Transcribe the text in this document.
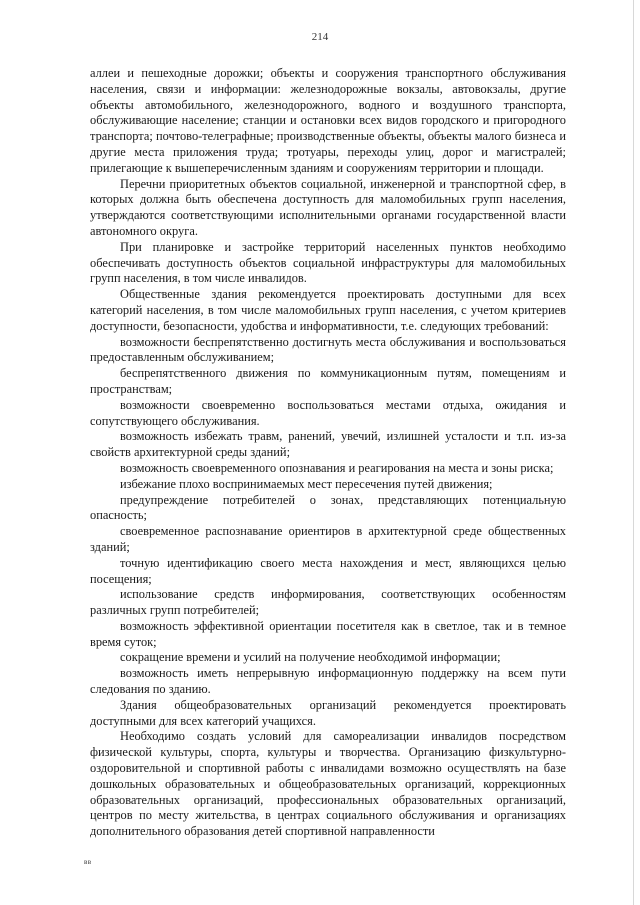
214

аллеи и пешеходные дорожки; объекты и сооружения транспортного обслуживания населения, связи и информации: железнодорожные вокзалы, автовокзалы, другие объекты автомобильного, железнодорожного, водного и воздушного транспорта, обслуживающие население; станции и остановки всех видов городского и пригородного транспорта; почтово-телеграфные; производственные объекты, объекты малого бизнеса и другие места приложения труда; тротуары, переходы улиц, дорог и магистралей; прилегающие к вышеперечисленным зданиям и сооружениям территории и площади.

Перечни приоритетных объектов социальной, инженерной и транспортной сфер, в которых должна быть обеспечена доступность для маломобильных групп населения, утверждаются соответствующими исполнительными органами государственной власти автономного округа.

При планировке и застройке территорий населенных пунктов необходимо обеспечивать доступность объектов социальной инфраструктуры для маломобильных групп населения, в том числе инвалидов.

Общественные здания рекомендуется проектировать доступными для всех категорий населения, в том числе маломобильных групп населения, с учетом критериев доступности, безопасности, удобства и информативности, т.е. следующих требований:

возможности беспрепятственно достигнуть места обслуживания и воспользоваться предоставленным обслуживанием;

беспрепятственного движения по коммуникационным путям, помещениям и пространствам;

возможности своевременно воспользоваться местами отдыха, ожидания и сопутствующего обслуживания.

возможность избежать травм, ранений, увечий, излишней усталости и т.п. из-за свойств архитектурной среды зданий;

возможность своевременного опознавания и реагирования на места и зоны риска;

избежание плохо воспринимаемых мест пересечения путей движения;

предупреждение потребителей о зонах, представляющих потенциальную опасность;

своевременное распознавание ориентиров в архитектурной среде общественных зданий;

точную идентификацию своего места нахождения и мест, являющихся целью посещения;

использование средств информирования, соответствующих особенностям различных групп потребителей;

возможность эффективной ориентации посетителя как в светлое, так и в темное время суток;

сокращение времени и усилий на получение необходимой информации;

возможность иметь непрерывную информационную поддержку на всем пути следования по зданию.

Здания общеобразовательных организаций рекомендуется проектировать доступными для всех категорий учащихся.

Необходимо создать условий для самореализации инвалидов посредством физической культуры, спорта, культуры и творчества. Организацию физкультурно-оздоровительной и спортивной работы с инвалидами возможно осуществлять на базе дошкольных образовательных и общеобразовательных организаций, коррекционных образовательных организаций, профессиональных образовательных организаций, центров по месту жительства, в центрах социального обслуживания и организациях дополнительного образования детей спортивной направленности

вв
